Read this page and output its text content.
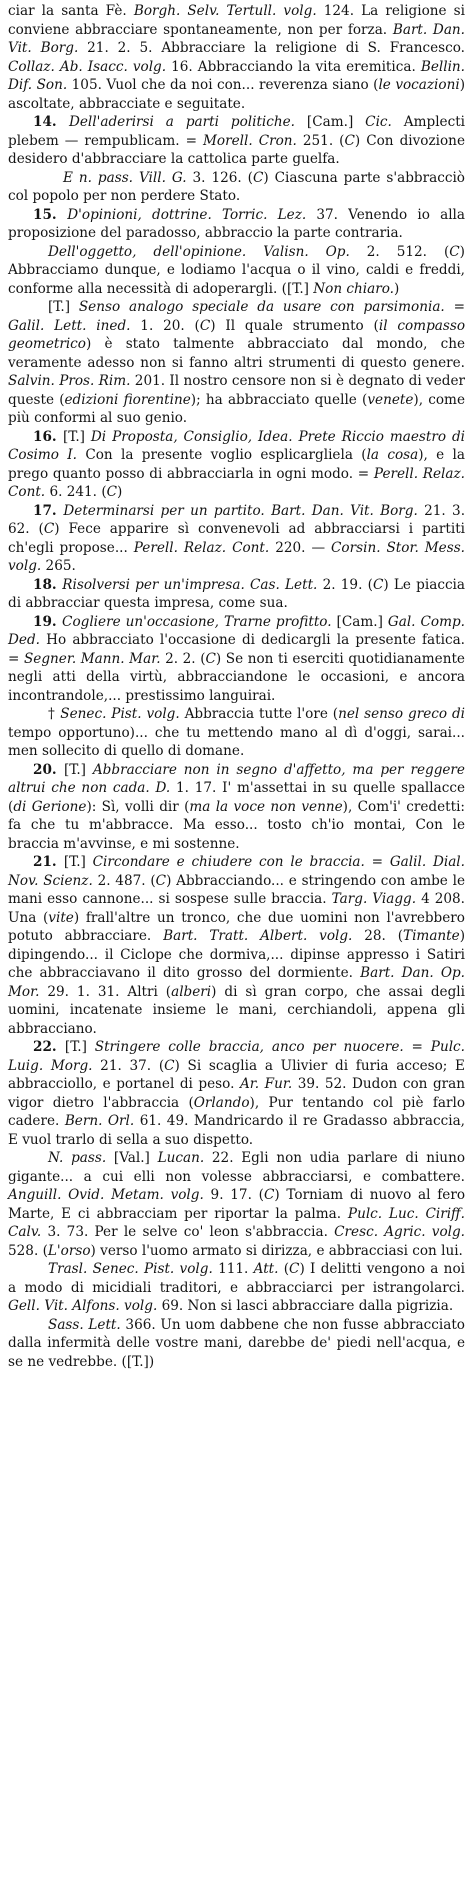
ciar la santa Fè. Borgh. Selv. Tertull. volg. 124. La religione si conviene abbracciare spontaneamente, non per forza. Bart. Dan. Vit. Borg. 21. 2. 5. Abbracciare la religione di S. Francesco. Collaz. Ab. Isacc. volg. 16. Abbracciando la vita eremitica. Bellin. Dif. Son. 105. Vuol che da noi con... reverenza siano (le vocazioni) ascoltate, abbracciate e seguitate.
14. Dell'aderirsi a parti politiche. [Cam.] Cic. Amplecti plebem — rempublicam. = Morell. Cron. 251. (C) Con divozione desidero d'abbracciare la cattolica parte guelfa.
E n. pass. Vill. G. 3. 126. (C) Ciascuna parte s'abbracciò col popolo per non perdere Stato.
15. D'opinioni, dottrine. Torric. Lez. 37. Venendo io alla proposizione del paradosso, abbraccio la parte contraria.
Dell'oggetto, dell'opinione. Valisn. Op. 2. 512. (C) Abbracciamo dunque, e lodiamo l'acqua o il vino, caldi e freddi, conforme alla necessità di adoperargli. ([T.] Non chiaro.)
[T.] Senso analogo speciale da usare con parsimonia. = Galil. Lett. ined. 1. 20. (C) Il quale strumento (il compasso geometrico) è stato talmente abbracciato dal mondo, che veramente adesso non si fanno altri strumenti di questo genere. Salvin. Pros. Rim. 201. Il nostro censore non si è degnato di veder queste (edizioni fiorentine); ha abbracciato quelle (venete), come più conformi al suo genio.
16. [T.] Di Proposta, Consiglio, Idea. Prete Riccio maestro di Cosimo I. Con la presente voglio esplicargliela (la cosa), e la prego quanto posso di abbracciarla in ogni modo. = Perell. Relaz. Cont. 6. 241. (C)
17. Determinarsi per un partito. Bart. Dan. Vit. Borg. 21. 3. 62. (C) Fece apparire sì convenevoli ad abbracciarsi i partiti ch'egli propose... Perell. Relaz. Cont. 220. — Corsin. Stor. Mess. volg. 265.
18. Risolversi per un'impresa. Cas. Lett. 2. 19. (C) Le piaccia di abbracciar questa impresa, come sua.
19. Cogliere un'occasione, Trarne profitto. [Cam.] Gal. Comp. Ded. Ho abbracciato l'occasione di dedicargli la presente fatica. = Segner. Mann. Mar. 2. 2. (C) Se non ti eserciti quotidianamente negli atti della virtù, abbracciandone le occasioni, e ancora incontrandole,... prestissimo languirai.
† Senec. Pist. volg. Abbraccia tutte l'ore (nel senso greco di tempo opportuno)... che tu mettendo mano al dì d'oggi, sarai... men sollecito di quello di domane.
20. [T.] Abbracciare non in segno d'affetto, ma per reggere altrui che non cada. D. 1. 17. I' m'assettai in su quelle spallacce (di Gerione): Sì, volli dir (ma la voce non venne), Com'i' credetti: fa che tu m'abbracce. Ma esso... tosto ch'io montai, Con le braccia m'avvinse, e mi sostenne.
21. [T.] Circondare e chiudere con le braccia. = Galil. Dial. Nov. Scienz. 2. 487. (C) Abbracciando... e stringendo con ambe le mani esso cannone... si sospese sulle braccia. Targ. Viagg. 4 208. Una (vite) frall'altre un tronco, che due uomini non l'avrebbero potuto abbracciare. Bart. Tratt. Albert. volg. 28. (Timante) dipingendo... il Ciclope che dormiva,... dipinse appresso i Satiri che abbracciavano il dito grosso del dormiente. Bart. Dan. Op. Mor. 29. 1. 31. Altri (alberi) di sì gran corpo, che assai degli uomini, incatenate insieme le mani, cerchiandoli, appena gli abbracciano.
22. [T.] Stringere colle braccia, anco per nuocere. = Pulc. Luig. Morg. 21. 37. (C) Si scaglia a Ulivier di furia acceso; E abbracciollo, e portanel di peso. Ar. Fur. 39. 52. Dudon con gran vigor dietro l'abbraccia (Orlando), Pur tentando col piè farlo cadere. Bern. Orl. 61. 49. Mandricardo il re Gradasso abbraccia, E vuol trarlo di sella a suo dispetto.
N. pass. [Val.] Lucan. 22. Egli non udia parlare di niuno gigante... a cui elli non volesse abbracciarsi, e combattere. Anguill. Ovid. Metam. volg. 9. 17. (C) Torniam di nuovo al fero Marte, E ci abbracciam per riportar la palma. Pulc. Luc. Ciriff. Calv. 3. 73. Per le selve co' leon s'abbraccia. Cresc. Agric. volg. 528. (L'orso) verso l'uomo armato si dirizza, e abbracciasi con lui.
Trasl. Senec. Pist. volg. 111. Att. (C) I delitti vengono a noi a modo di micidiali traditori, e abbracciarci per istrangolarci. Gell. Vit. Alfons. volg. 69. Non si lasci abbracciare dalla pigrizia.
Sass. Lett. 366. Un uom dabbene che non fusse abbracciato dalla infermità delle vostre mani, darebbe de' piedi nell'acqua, e se ne vedrebbe. ([T.])
